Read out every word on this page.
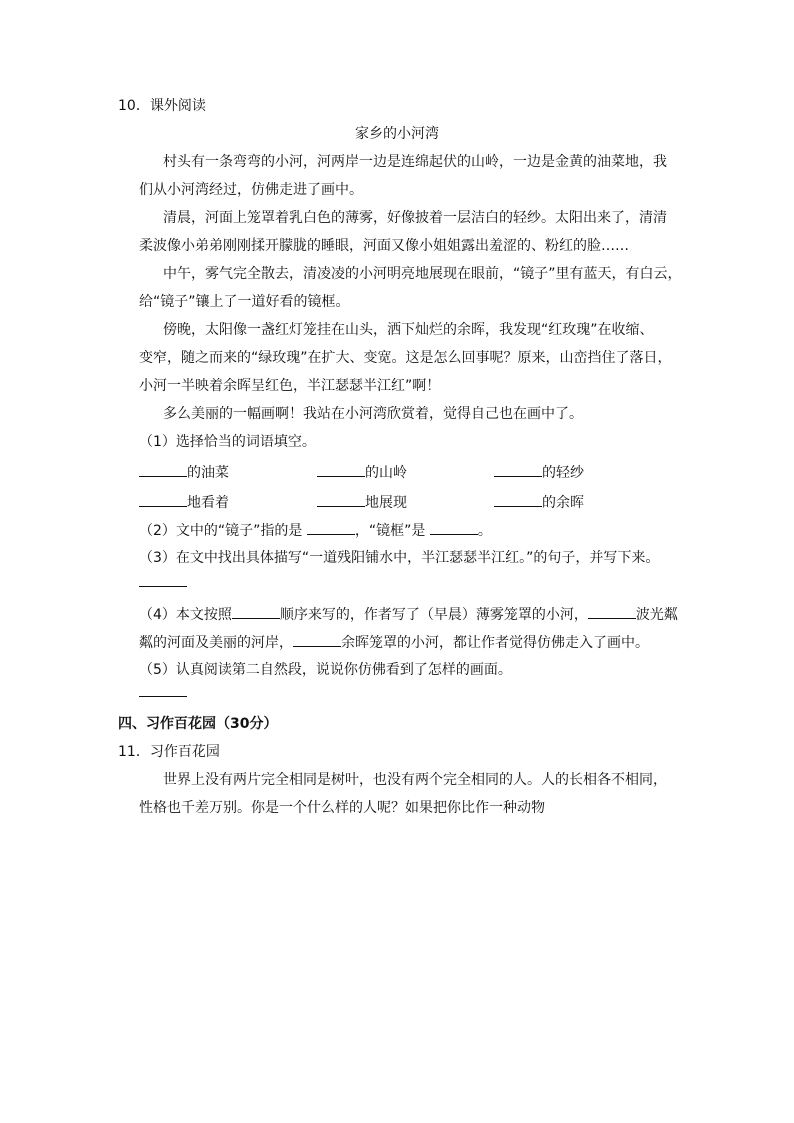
10．课外阅读
家乡的小河湾
村头有一条弯弯的小河，河两岸一边是连绵起伏的山岭，一边是金黄的油菜地，我
们从小河湾经过，仿佛走进了画中。
清晨，河面上笼罩着乳白色的薄雾，好像披着一层洁白的轻纱。太阳出来了，清清
柔波像小弟弟刚刚揉开朦胧的睡眼，河面又像小姐姐露出羞涩的、粉红的脸……
中午，雾气完全散去，清凌凌的小河明亮地展现在眼前，“镜子”里有蓝天，有白云，
给“镜子”镶上了一道好看的镜框。
傍晚，太阳像一盏红灯笼挂在山头，洒下灿烂的余晖，我发现“红玫瑰”在收缩、
变窄，随之而来的“绿玫瑰”在扩大、变宽。这是怎么回事呢？原来，山峦挡住了落日，
小河一半映着余晖呈红色，半江瑟瑟半江红”啊！
多么美丽的一幅画啊！我站在小河湾欣赏着，觉得自己也在画中了。
（1）选择恰当的词语填空。
的油菜	的山岭	的轻纱
地看着	地展现	的余晖
（2）文中的“镜子”指的是	，“镜框”是	。
（3）在文中找出具体描写“一道残阳铺水中，半江瑟瑟半江红。”的句子，并写下来。
（4）本文按照	顺序来写的，作者写了（早晨）薄雾笼罩的小河，	波光粼
粼的河面及美丽的河岸，	余晖笼罩的小河，都让作者觉得仿佛走入了画中。
（5）认真阅读第二自然段，说说你仿佛看到了怎样的画面。
四、习作百花园（30分）
11．习作百花园
世界上没有两片完全相同是树叶，也没有两个完全相同的人。人的长相各不相同，
性格也千差万别。你是一个什么样的人呢？如果把你比作一种动物
